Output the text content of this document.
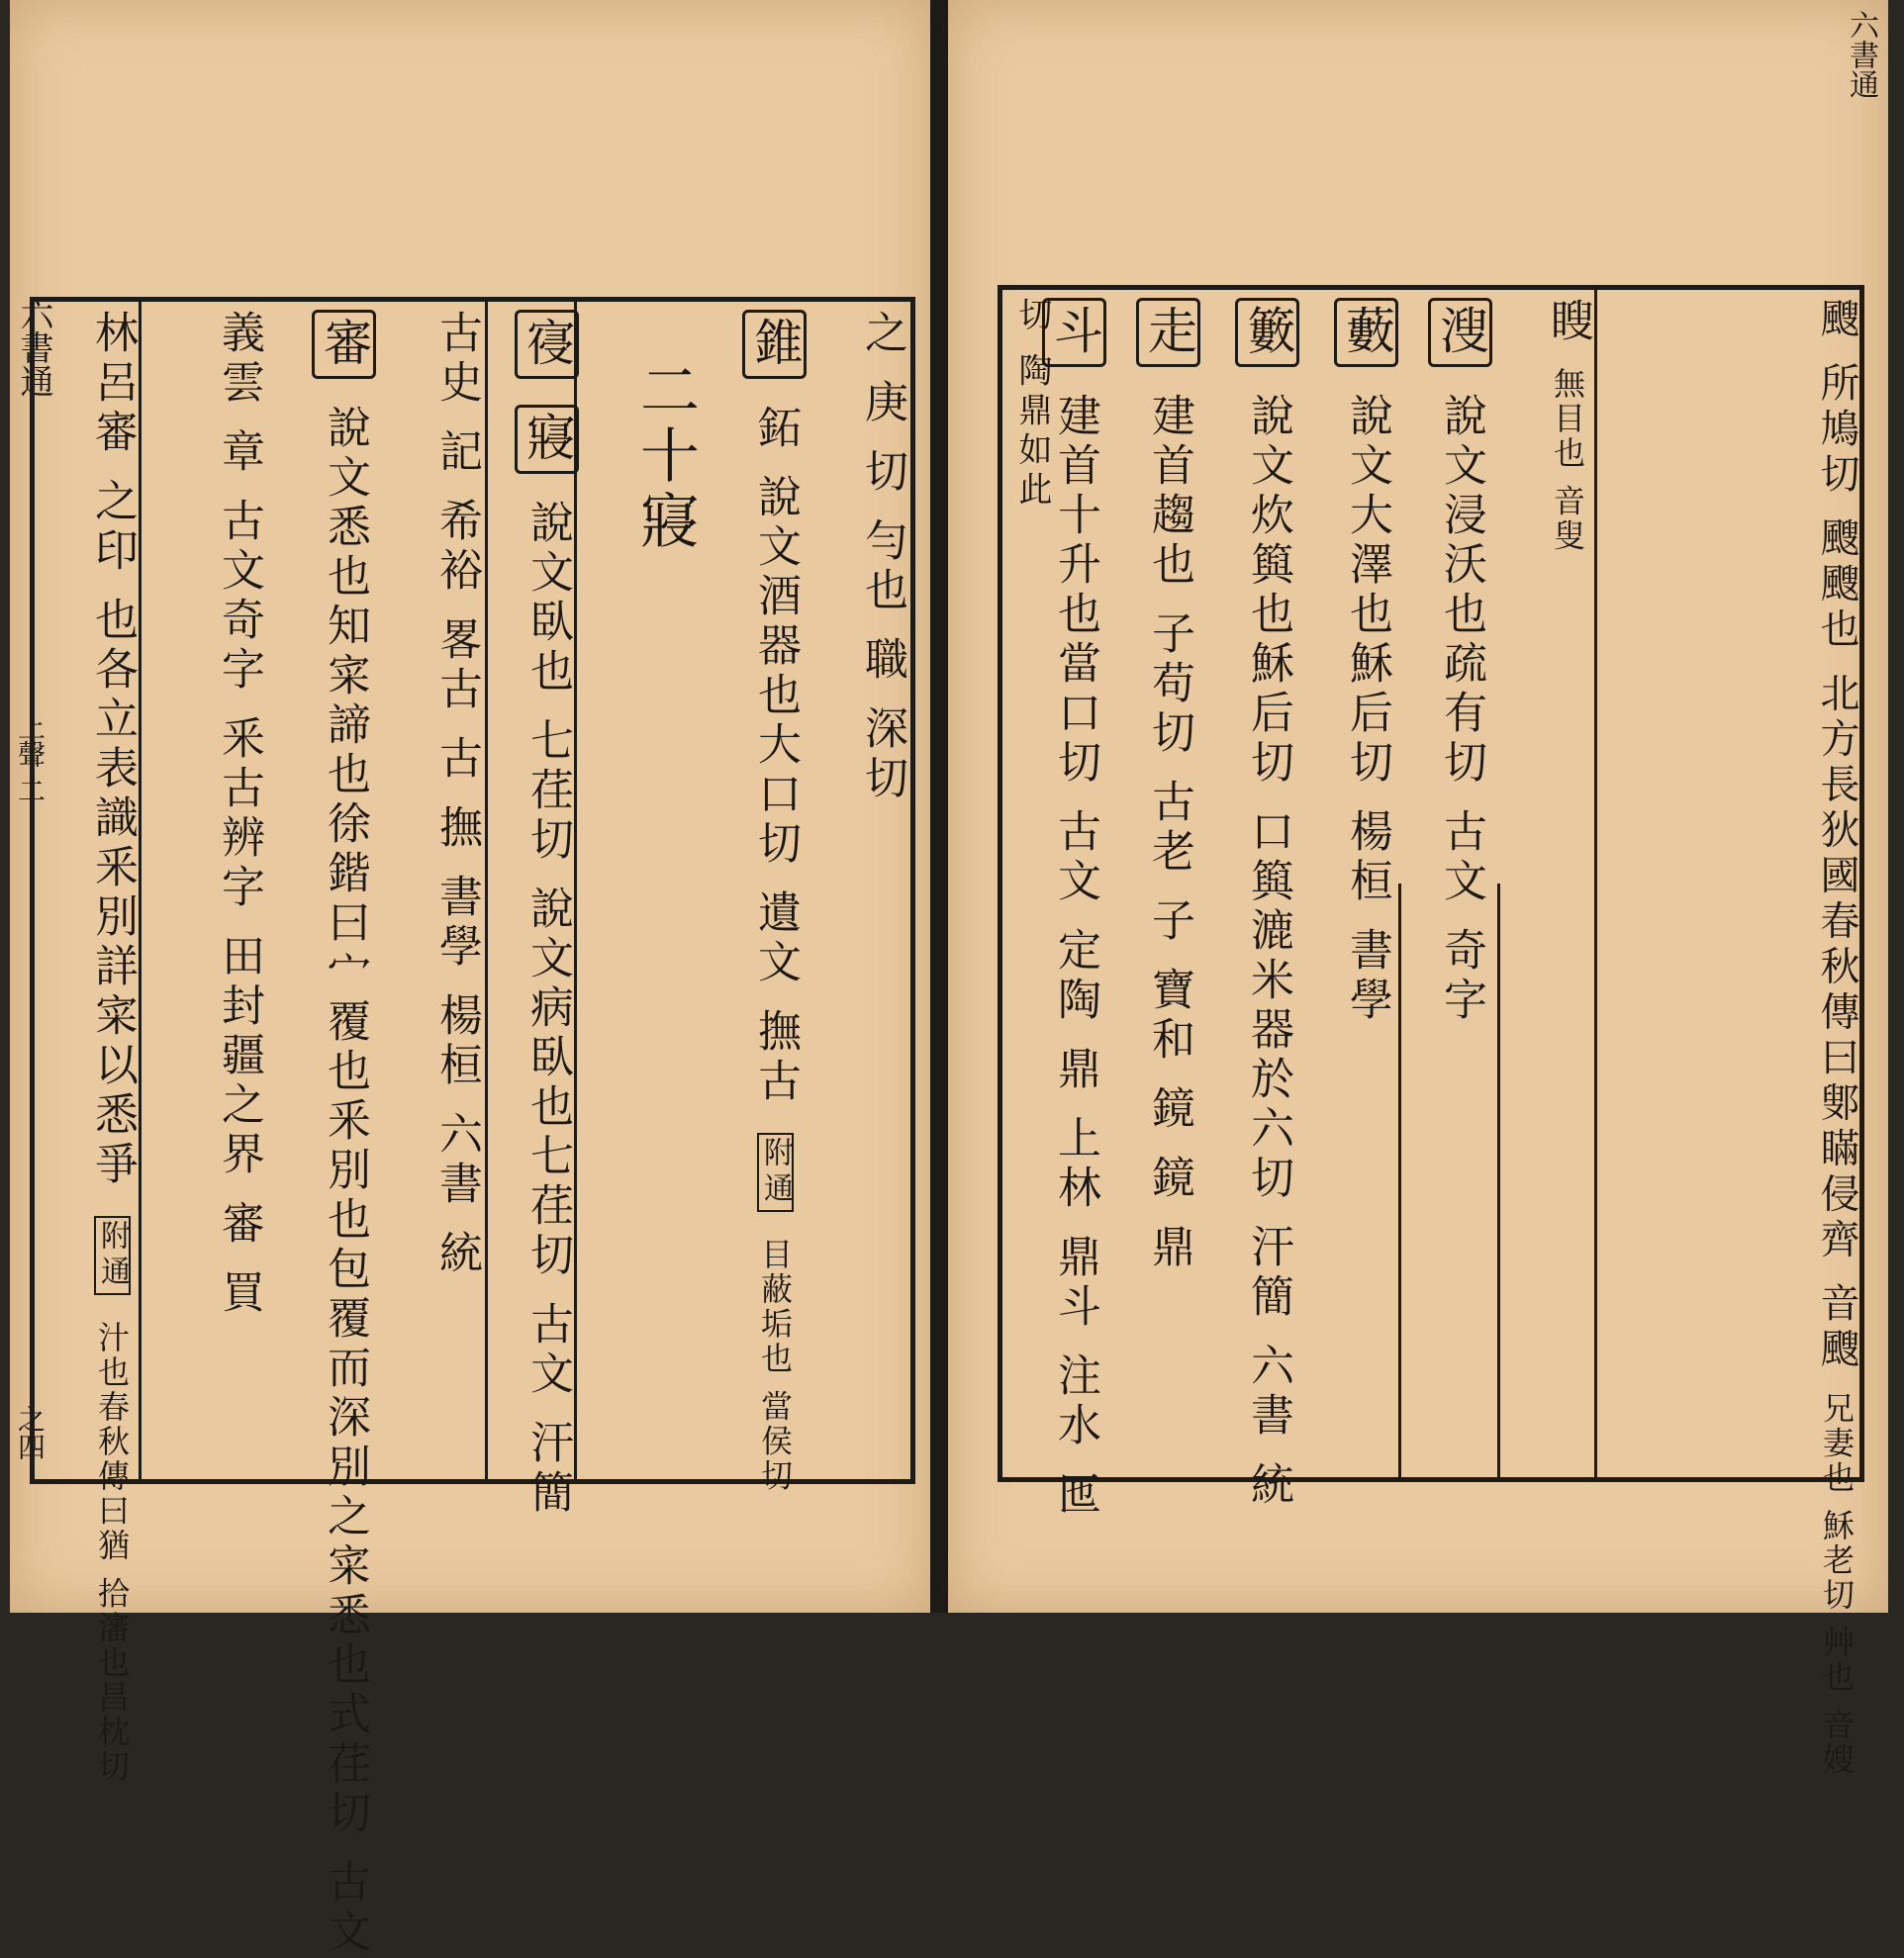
六書通
上聲 二
之四
之 庚 切 勻也 職 深切
錐 鉐 說文酒器也大口切 遺文 撫古 附通 目蔽垢也 當侯切
二十寢
寑 寢 說文臥也 七荏切 說文病臥也七荏切 古文 汗簡
古史 記 希裕 畧古 古 撫 書學 楊桓 六書 統
審 說文悉也知寀諦也徐鍇曰宀覆也釆別也包覆而深別之寀悉也式荏切 古文
義雲 章 古文奇字 釆古辨字 田封疆之界 審 買
林呂審 之印 也各立表識釆別詳寀以悉爭 附通 汁也春秋傳曰猶 拾瀋也昌枕切
六書通
颼 所鳩切 颼颼也 北方長狄國春秋傳曰鄋瞞侵齊 音颼 兄妻也 穌老切 艸也 音嫂
瞍 無目也 音叟
溲 說文浸沃也疏有切 古文 奇字
藪 說文大澤也穌后切 楊桓 書學
籔 說文炊籅也穌后切 口籅漉米器於六切 汗簡 六書 統
走 建首趨也 子苟切 古老 子 寶和 鏡 鏡 鼎
斗 建首十升也當口切 古文 定陶 鼎 上林 鼎斗 注水 匜
切 陶鼎如此
